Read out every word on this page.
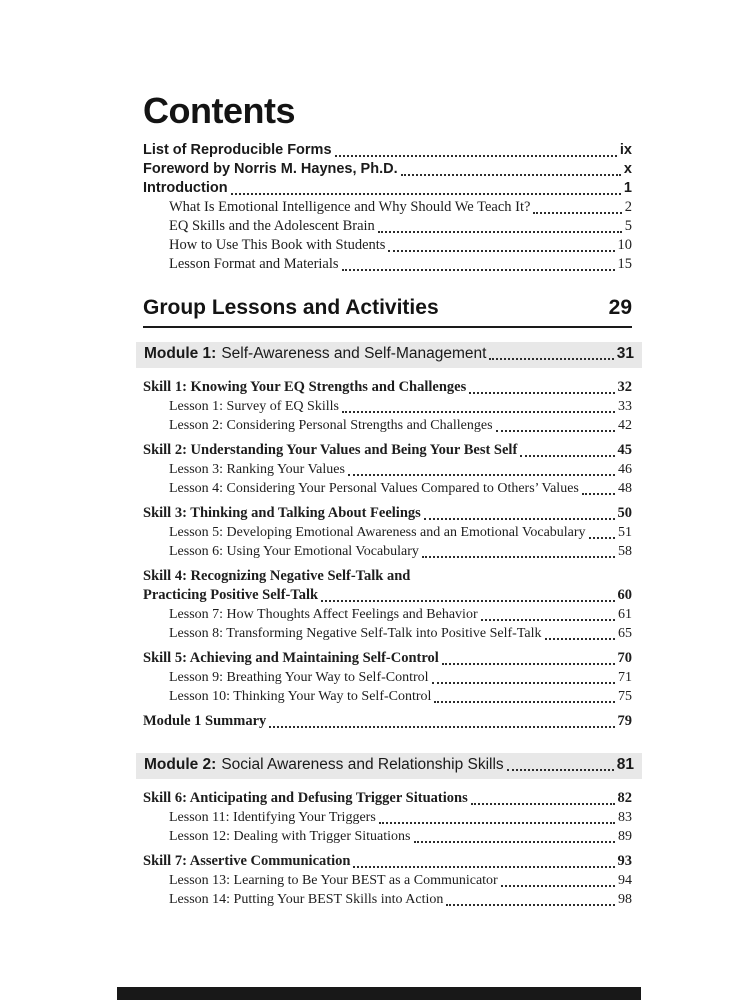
Contents
List of Reproducible Forms	ix
Foreword by Norris M. Haynes, Ph.D.	x
Introduction	1
What Is Emotional Intelligence and Why Should We Teach It?	2
EQ Skills and the Adolescent Brain	5
How to Use This Book with Students	10
Lesson Format and Materials	15
Group Lessons and Activities	29
Module 1: Self-Awareness and Self-Management	31
Skill 1: Knowing Your EQ Strengths and Challenges	32
Lesson 1: Survey of EQ Skills	33
Lesson 2: Considering Personal Strengths and Challenges	42
Skill 2: Understanding Your Values and Being Your Best Self	45
Lesson 3: Ranking Your Values	46
Lesson 4: Considering Your Personal Values Compared to Others’ Values	48
Skill 3: Thinking and Talking About Feelings	50
Lesson 5: Developing Emotional Awareness and an Emotional Vocabulary 51
Lesson 6: Using Your Emotional Vocabulary	58
Skill 4: Recognizing Negative Self-Talk and
Practicing Positive Self-Talk	60
Lesson 7: How Thoughts Affect Feelings and Behavior	61
Lesson 8: Transforming Negative Self-Talk into Positive Self-Talk	65
Skill 5: Achieving and Maintaining Self-Control	70
Lesson 9: Breathing Your Way to Self-Control	71
Lesson 10: Thinking Your Way to Self-Control	75
Module 1 Summary	79
Module 2: Social Awareness and Relationship Skills	81
Skill 6: Anticipating and Defusing Trigger Situations	82
Lesson 11: Identifying Your Triggers	83
Lesson 12: Dealing with Trigger Situations	89
Skill 7: Assertive Communication	93
Lesson 13: Learning to Be Your BEST as a Communicator	94
Lesson 14: Putting Your BEST Skills into Action	98
